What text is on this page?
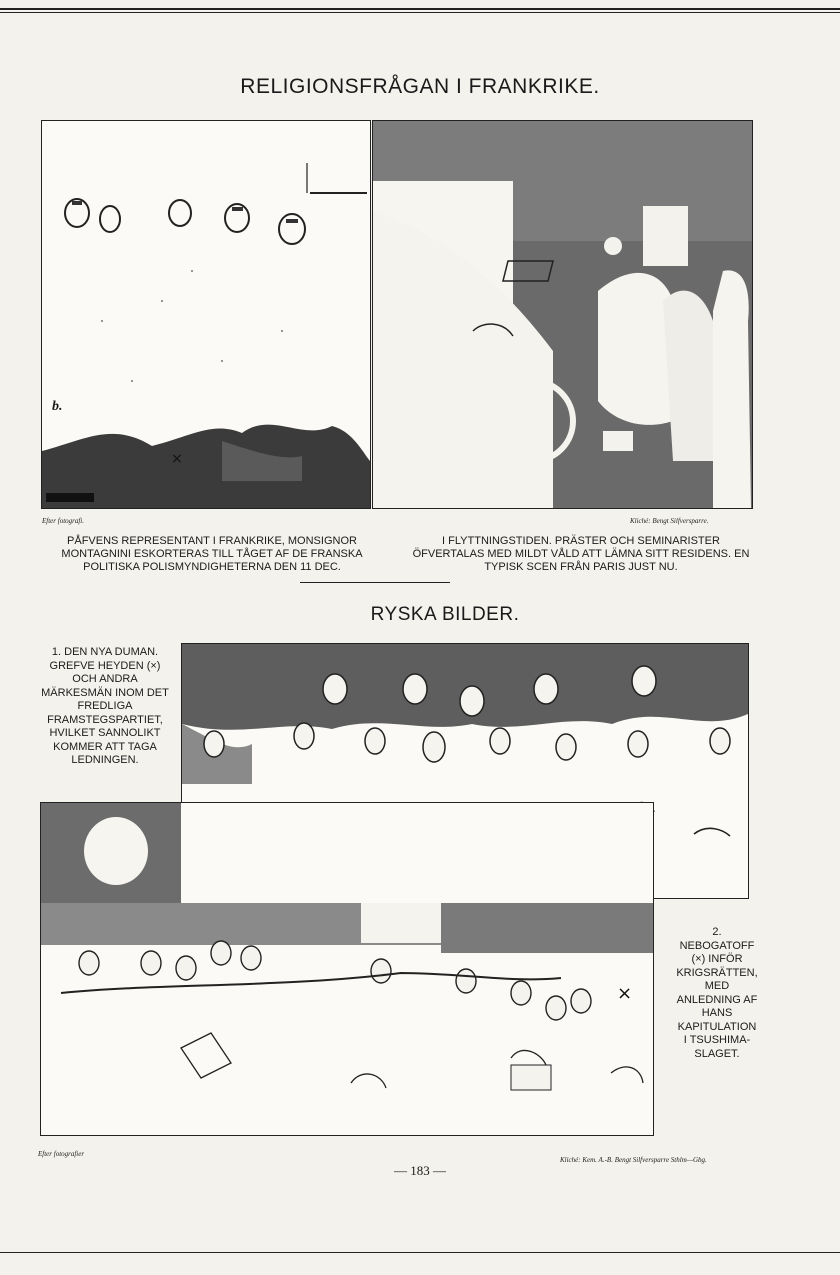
RELIGIONSFRÅGAN I FRANKRIKE.
b.
×
Efter fotografi.	Kliché: Bengt Silfversparre.
PÅFVENS REPRESENTANT I FRANKRIKE, MONSIGNOR MONTAGNINI ESKORTERAS TILL TÅGET AF DE FRANSKA POLITISKA POLISMYNDIGHETERNA DEN 11 DEC.
I FLYTTNINGSTIDEN. PRÄSTER OCH SEMINARISTER ÖFVERTALAS MED MILDT VÅLD ATT LÄMNA SITT RESIDENS. EN TYPISK SCEN FRÅN PARIS JUST NU.
RYSKA BILDER.
1. DEN NYA DUMAN. GREFVE HEYDEN (×) OCH ANDRA MÄRKESMÄN INOM DET FREDLIGA FRAMSTEGSPARTIET, HVILKET SANNOLIKT KOMMER ATT TAGA LEDNINGEN.
×
2. NEBOGATOFF (×) INFÖR KRIGSRÄTTEN, MED ANLEDNING AF HANS KAPITULATION I TSUSHIMA-SLAGET.
Efter fotografier
Kliché: Kem. A.-B. Bengt Silfversparre Sthlm—Gbg.
— 183 —
